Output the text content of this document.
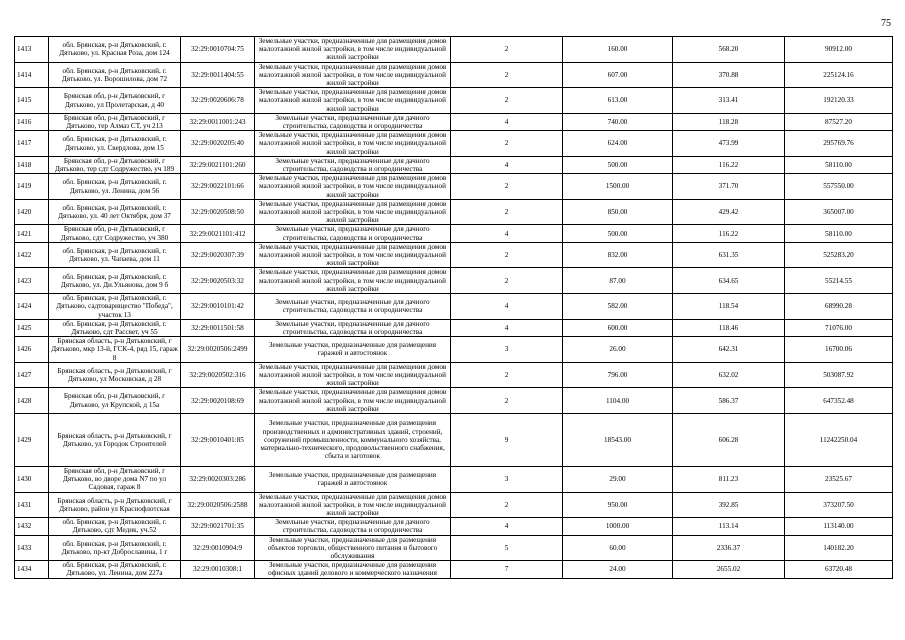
75
1413	обл. Брянская, р-н Дятьковский, г. Дятьково, ул. Красная Роза, дом 124	32:29:0010704:75	Земельные участки, предназначенные для размещения домов малоэтажной жилой застройки, в том числе индивидуальной жилой застройки	2	160.00	568.20	90912.00
1414	обл. Брянская, р-н Дятьковский, г. Дятьково, ул. Ворошилова, дом 72	32:29:0011404:55	Земельные участки, предназначенные для размещения домов малоэтажной жилой застройки, в том числе индивидуальной жилой застройки	2	607.00	370.88	225124.16
1415	Брянская обл, р-н Дятьковский, г Дятьково, ул Пролетарская, д 40	32:29:0020606:78	Земельные участки, предназначенные для размещения домов малоэтажной жилой застройки, в том числе индивидуальной жилой застройки	2	613.00	313.41	192120.33
1416	Брянская обл, р-н Дятьковский, г Дятьково, тер Алмаз СТ, уч 213	32:29:0011001:243	Земельные участки, предназначенные для дачного строительства, садоводства и огородничества	4	740.00	118.28	87527.20
1417	обл. Брянская, р-н Дятьковский, г. Дятьково, ул. Свердлова, дом 15	32:29:0020205:40	Земельные участки, предназначенные для размещения домов малоэтажной жилой застройки, в том числе индивидуальной жилой застройки	2	624.00	473.99	295769.76
1418	Брянская обл, р-н Дятьковский, г Дятьково, тер сдт Содружество, уч 189	32:29:0021101:260	Земельные участки, предназначенные для дачного строительства, садоводства и огородничества	4	500.00	116.22	58110.00
1419	обл. Брянская, р-н Дятьковский, г. Дятьково, ул. Ленина, дом 56	32:29:0022101:66	Земельные участки, предназначенные для размещения домов малоэтажной жилой застройки, в том числе индивидуальной жилой застройки	2	1500.00	371.70	557550.00
1420	обл. Брянская, р-н Дятьковский, г. Дятьково, ул. 40 лет Октября, дом 37	32:29:0020508:50	Земельные участки, предназначенные для размещения домов малоэтажной жилой застройки, в том числе индивидуальной жилой застройки	2	850.00	429.42	365007.00
1421	Брянская обл, р-н Дятьковский, г Дятьково, сдт Содружество, уч 380	32:29:0021101:412	Земельные участки, предназначенные для дачного строительства, садоводства и огородничества	4	500.00	116.22	58110.00
1422	обл. Брянская, р-н Дятьковский, г. Дятьково, ул. Чапаева, дом 11	32:29:0020307:39	Земельные участки, предназначенные для размещения домов малоэтажной жилой застройки, в том числе индивидуальной жилой застройки	2	832.00	631.35	525283.20
1423	обл. Брянская, р-н Дятьковский, г. Дятьково, ул. Ди.Ульянова, дом 9 б	32:29:0020503:32	Земельные участки, предназначенные для размещения домов малоэтажной жилой застройки, в том числе индивидуальной жилой застройки	2	87.00	634.65	55214.55
1424	обл. Брянская, р-н Дятьковский, г. Дятьково, садтоварищество "Победа", участок 13	32:29:0010101:42	Земельные участки, предназначенные для дачного строительства, садоводства и огородничества	4	582.00	118.54	68990.28
1425	обл. Брянская, р-н Дятьковский, г. Дятьково, сдт Рассвет, уч 55	32:29:0011501:58	Земельные участки, предназначенные для дачного строительства, садоводства и огородничества	4	600.00	118.46	71076.00
1426	Брянская область, р-н Дятьковский, г Дятьково, мкр 13-й, ГСК-4, ряд 15, гараж 8	32:29:0020506:2499	Земельные участки, предназначенные для размещения гаражей и автостоянок	3	26.00	642.31	16700.06
1427	Брянская область, р-н Дятьковский, г Дятьково, ул Московская, д 28	32:29:0020502:316	Земельные участки, предназначенные для размещения домов малоэтажной жилой застройки, в том числе индивидуальной жилой застройки	2	796.00	632.02	503087.92
1428	Брянская обл, р-н Дятьковский, г Дятьково, ул Крупской, д 15а	32:29:0020108:69	Земельные участки, предназначенные для размещения домов малоэтажной жилой застройки, в том числе индивидуальной жилой застройки	2	1104.00	586.37	647352.48
1429	Брянская область, р-н Дятьковский, г Дятьково, ул Городок Строителей	32:29:0010401:85	Земельные участки, предназначенные для размещения производственных и административных зданий, строений, сооружений промышленности, коммунального хозяйства, материально-технического, продовольственного снабжения, сбыта и заготовок	9	18543.00	606.28	11242250.04
1430	Брянская обл, р-н Дятьковский, г Дятьково, во дворе дома N7 по ул Садовая, гараж 8	32:29:0020303:286	Земельные участки, предназначенные для размещения гаражей и автостоянок	3	29.00	811.23	23525.67
1431	Брянская область, р-н Дятьковский, г Дятьково, район ул Краснофлотская	32:29:0020506:2588	Земельные участки, предназначенные для размещения домов малоэтажной жилой застройки, в том числе индивидуальной жилой застройки	2	950.00	392.85	373207.50
1432	обл. Брянская, р-н Дятьковский, г. Дятьково, сдт Медик, уч.52	32:29:0021701:35	Земельные участки, предназначенные для дачного строительства, садоводства и огородничества	4	1000.00	113.14	113140.00
1433	обл. Брянская, р-н Дятьковский, г. Дятьково, пр-кт Доброславина, 1 г	32:29:0010904:9	Земельные участки, предназначенные для размещения объектов торговли, общественного питания и бытового обслуживания	5	60.00	2336.37	140182.20
1434	обл. Брянская, р-н Дятьковский, г. Дятьково, ул. Ленина, дом 227а	32:29:0010308:1	Земельные участки, предназначенные для размещения офисных зданий делового и коммерческого назначения	7	24.00	2655.02	63720.48
